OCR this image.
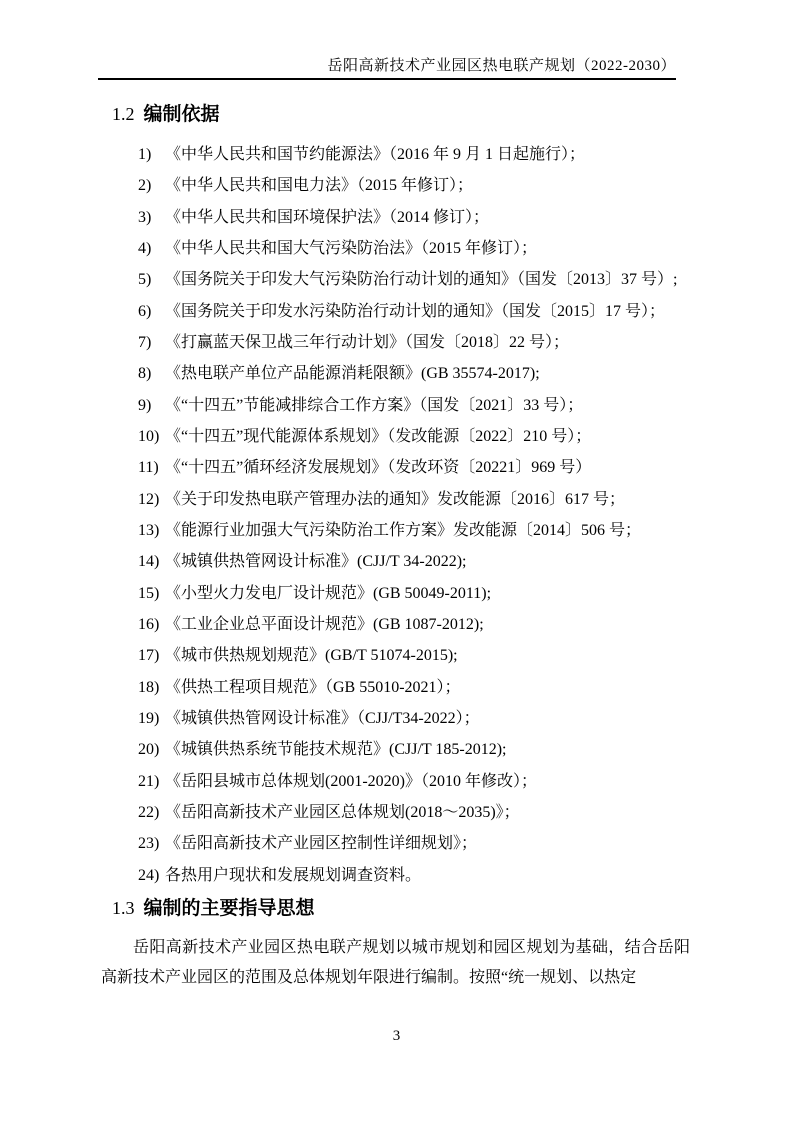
岳阳高新技术产业园区热电联产规划（2022-2030）
1.2 编制依据
1) 《中华人民共和国节约能源法》（2016 年 9 月 1 日起施行）；
2) 《中华人民共和国电力法》（2015 年修订）；
3) 《中华人民共和国环境保护法》（2014 修订）；
4) 《中华人民共和国大气污染防治法》（2015 年修订）；
5) 《国务院关于印发大气污染防治行动计划的通知》（国发〔2013〕37 号）;
6) 《国务院关于印发水污染防治行动计划的通知》（国发〔2015〕17 号）；
7) 《打赢蓝天保卫战三年行动计划》（国发〔2018〕22 号）；
8) 《热电联产单位产品能源消耗限额》(GB 35574-2017);
9) 《“十四五”节能减排综合工作方案》（国发〔2021〕33 号）；
10) 《“十四五”现代能源体系规划》（发改能源〔2022〕210 号）；
11) 《“十四五”循环经济发展规划》（发改环资〔20221〕969 号）
12) 《关于印发热电联产管理办法的通知》发改能源〔2016〕617 号；
13) 《能源行业加强大气污染防治工作方案》发改能源〔2014〕506 号；
14) 《城镇供热管网设计标准》(CJJ/T 34-2022);
15) 《小型火力发电厂设计规范》(GB 50049-2011);
16) 《工业企业总平面设计规范》(GB 1087-2012);
17) 《城市供热规划规范》(GB/T 51074-2015);
18) 《供热工程项目规范》（GB 55010-2021）；
19) 《城镇供热管网设计标准》（CJJ/T34-2022）；
20) 《城镇供热系统节能技术规范》(CJJ/T 185-2012);
21) 《岳阳县城市总体规划(2001-2020)》（2010 年修改）；
22) 《岳阳高新技术产业园区总体规划(2018～2035)》；
23) 《岳阳高新技术产业园区控制性详细规划》；
24) 各热用户现状和发展规划调查资料。
1.3 编制的主要指导思想
岳阳高新技术产业园区热电联产规划以城市规划和园区规划为基础，结合岳阳高新技术产业园区的范围及总体规划年限进行编制。按照“统一规划、以热定
3
